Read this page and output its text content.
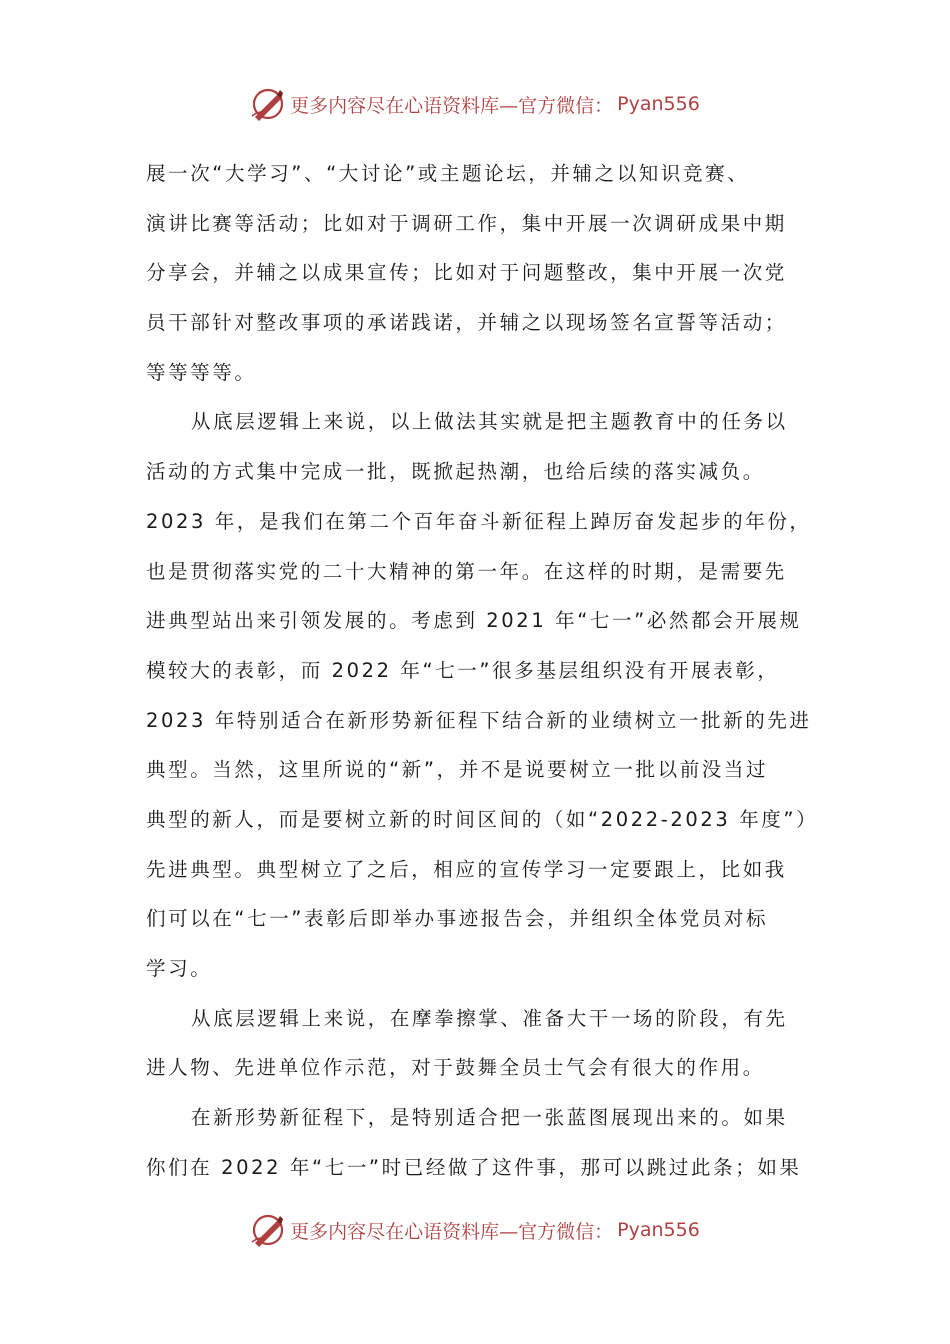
更多内容尽在心语资料库—官方微信： Pyan556
展一次“大学习”、“大讨论”或主题论坛，并辅之以知识竞赛、
演讲比赛等活动；比如对于调研工作，集中开展一次调研成果中期
分享会，并辅之以成果宣传；比如对于问题整改，集中开展一次党
员干部针对整改事项的承诺践诺，并辅之以现场签名宣誓等活动；
等等等等。
从底层逻辑上来说，以上做法其实就是把主题教育中的任务以
活动的方式集中完成一批，既掀起热潮，也给后续的落实减负。
2023 年，是我们在第二个百年奋斗新征程上踔厉奋发起步的年份，
也是贯彻落实党的二十大精神的第一年。在这样的时期，是需要先
进典型站出来引领发展的。考虑到 2021 年“七一”必然都会开展规
模较大的表彰，而 2022 年“七一”很多基层组织没有开展表彰，
2023 年特别适合在新形势新征程下结合新的业绩树立一批新的先进
典型。当然，这里所说的“新”，并不是说要树立一批以前没当过
典型的新人，而是要树立新的时间区间的（如“2022-2023 年度”）
先进典型。典型树立了之后，相应的宣传学习一定要跟上，比如我
们可以在“七一”表彰后即举办事迹报告会，并组织全体党员对标
学习。
从底层逻辑上来说，在摩拳擦掌、准备大干一场的阶段，有先
进人物、先进单位作示范，对于鼓舞全员士气会有很大的作用。
在新形势新征程下，是特别适合把一张蓝图展现出来的。如果
你们在 2022 年“七一”时已经做了这件事，那可以跳过此条；如果
更多内容尽在心语资料库—官方微信： Pyan556
